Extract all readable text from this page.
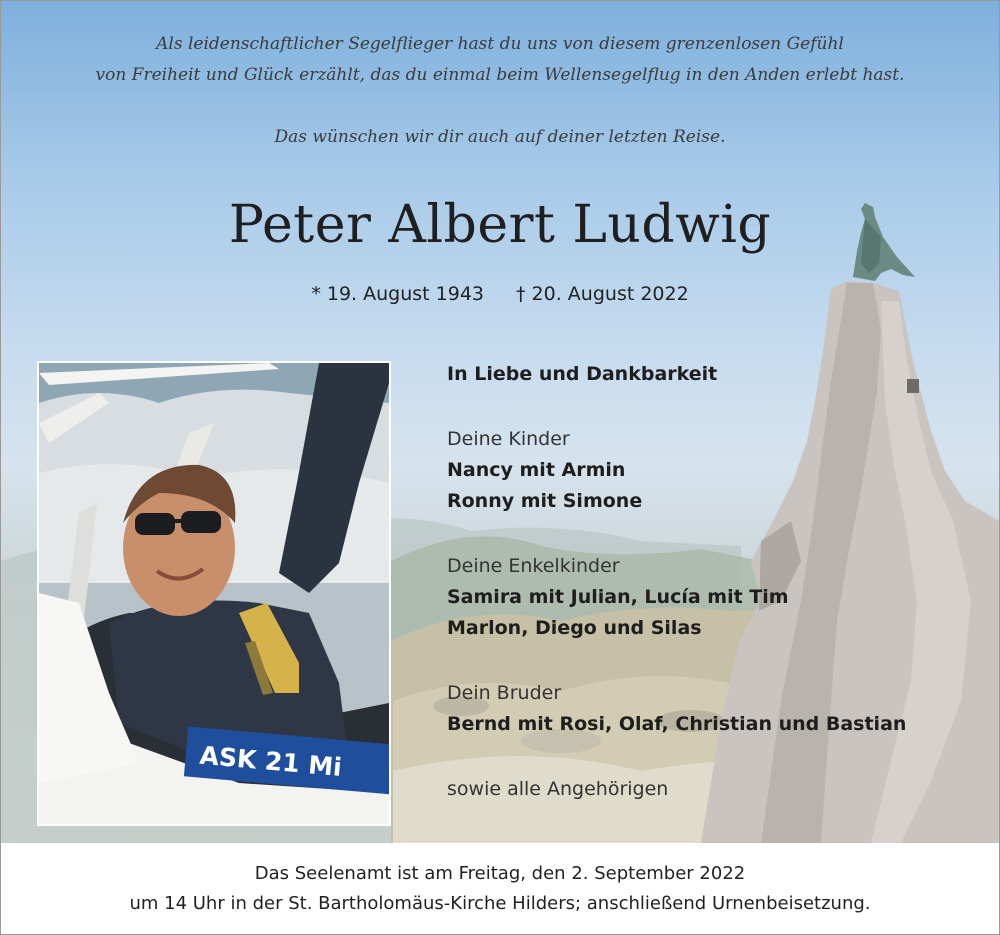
Als leidenschaftlicher Segelflieger hast du uns von diesem grenzenlosen Gefühl

von Freiheit und Glück erzählt, das du einmal beim Wellensegelflug in den Anden erlebt hast.

Das wünschen wir dir auch auf deiner letzten Reise.

Peter Albert Ludwig
* 19. August 1943 † 20. August 2022
ASK 21 Mi
In Liebe und Dankbarkeit
Deine Kinder
Nancy mit Armin
Ronny mit Simone
Deine Enkelkinder
Samira mit Julian, Lucía mit Tim
Marlon, Diego und Silas
Dein Bruder
Bernd mit Rosi, Olaf, Christian und Bastian
sowie alle Angehörigen

Das Seelenamt ist am Freitag, den 2. September 2022

um 14 Uhr in der St. Bartholomäus-Kirche Hilders; anschließend Urnenbeisetzung.
